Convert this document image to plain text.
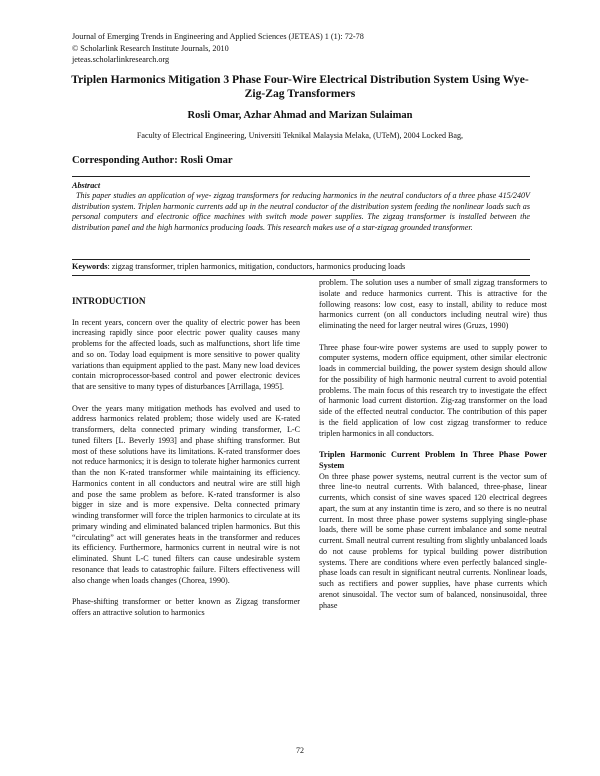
Journal of Emerging Trends in Engineering and Applied Sciences (JETEAS) 1 (1): 72-78
© Scholarlink Research Institute Journals, 2010
jeteas.scholarlinkresearch.org
Triplen Harmonics Mitigation 3 Phase Four-Wire Electrical Distribution System Using Wye- Zig-Zag Transformers
Rosli Omar, Azhar Ahmad and Marizan Sulaiman
Faculty of Electrical Engineering, Universiti Teknikal Malaysia Melaka, (UTeM), 2004 Locked Bag,
Corresponding Author: Rosli Omar
Abstract
This paper studies an application of wye- zigzag transformers for reducing harmonics in the neutral conductors of a three phase 415/240V distribution system. Triplen harmonic currents add up in the neutral conductor of the distribution system feeding the nonlinear loads such as personal computers and electronic office machines with switch mode power supplies. The zigzag transformer is installed between the distribution panel and the high harmonics producing loads. This research makes use of a star-zigzag grounded transformer.
Keywords: zigzag transformer, triplen harmonics, mitigation, conductors, harmonics producing loads
INTRODUCTION

In recent years, concern over the quality of electric power has been increasing rapidly since poor electric power quality causes many problems for the affected loads, such as malfunctions, short life time and so on. Today load equipment is more sensitive to power quality variations than equipment applied to the past. Many new load devices contain microprocessor-based control and power electronic devices that are sensitive to many types of disturbances [Arrillaga, 1995].

Over the years many mitigation methods has evolved and used to address harmonics related problem; those widely used are K-rated transformers, delta connected primary winding transformer, L-C tuned filters [L. Beverly 1993] and phase shifting transformer. But most of these solutions have its limitations. K-rated transformer does not reduce harmonics; it is design to tolerate higher harmonics current than the non K-rated transformer while maintaining its efficiency. Harmonics content in all conductors and neutral wire are still high and pose the same problem as before. K-rated transformer is also bigger in size and is more expensive. Delta connected primary winding transformer will force the triplen harmonics to circulate at its primary winding and eliminated balanced triplen harmonics. But this “circulating” act will generates heats in the transformer and reduces its efficiency. Furthermore, harmonics current in neutral wire is not eliminated. Shunt L-C tuned filters can cause undesirable system resonance that leads to catastrophic failure. Filters effectiveness will also change when loads changes (Chorea, 1990).

Phase-shifting transformer or better known as Zigzag transformer offers an attractive solution to harmonics

problem. The solution uses a number of small zigzag transformers to isolate and reduce harmonics current. This is attractive for the following reasons: low cost, easy to install, ability to reduce most harmonics current (on all conductors including neutral wire) thus eliminating the need for larger neutral wires (Gruzs, 1990)

Three phase four-wire power systems are used to supply power to computer systems, modern office equipment, other similar electronic loads in commercial building, the power system design should allow for the possibility of high harmonic neutral current to avoid potential problems. The main focus of this research try to investigate the effect of harmonic load current distortion. Zig-zag transformer on the load side of the effected neutral conductor. The contribution of this paper is the field application of low cost zigzag transformer to reduce triplen harmonics in all conductors.

Triplen Harmonic Current Problem In Three Phase Power System

On three phase power systems, neutral current is the vector sum of three line-to neutral currents. With balanced, three-phase, linear currents, which consist of sine waves spaced 120 electrical degrees apart, the sum at any instantin time is zero, and so there is no neutral current. In most three phase power systems supplying single-phase loads, there will be some phase current imbalance and some neutral current. Small neutral current resulting from slightly unbalanced loads do not cause problems for typical building power distribution systems. There are conditions where even perfectly balanced single-phase loads can result in significant neutral currents. Nonlinear loads, such as rectifiers and power supplies, have phase currents which arenot sinusoidal. The vector sum of balanced, nonsinusoidal, three phase

72
